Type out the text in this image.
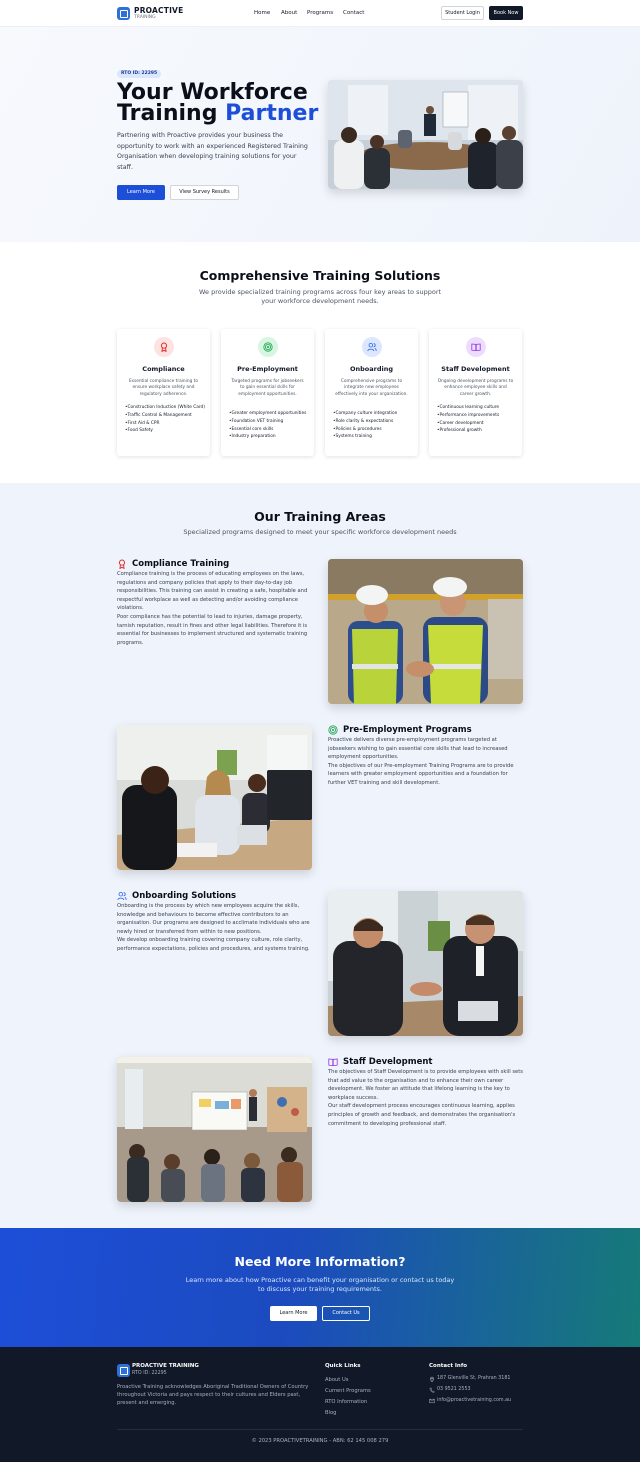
PROACTIVE
TRAINING
Home About Programs Contact	Student Login	Book Now
RTO ID: 22295
Your Workforce
Training Partner
Partnering with Proactive provides your business the opportunity to work with an experienced Registered Training Organisation when developing training solutions for your staff.
Learn More	View Survey Results
Comprehensive Training Solutions
We provide specialized training programs across four key areas to support
your workforce development needs.
Compliance
Essential compliance training to ensure workplace safety and regulatory adherence.
• Construction Induction (White Card)
• Traffic Control & Management
• First Aid & CPR
• Food Safety
Pre-Employment
Targeted programs for jobseekers to gain essential skills for employment opportunities.
• Greater employment opportunities
• Foundation VET training
• Essential core skills
• Industry preparation
Onboarding
Comprehensive programs to integrate new employees effectively into your organization.
• Company culture integration
• Role clarity & expectations
• Policies & procedures
• Systems training
Staff Development
Ongoing development programs to enhance employee skills and career growth.
• Continuous learning culture
• Performance improvements
• Career development
• Professional growth
Our Training Areas
Specialized programs designed to meet your specific workforce development needs
Compliance Training
Compliance training is the process of educating employees on the laws, regulations and company policies that apply to their day-to-day job responsibilities. This training can assist in creating a safe, hospitable and respectful workplace as well as detecting and/or avoiding compliance violations.
Poor compliance has the potential to lead to injuries, damage property, tarnish reputation, result in fines and other legal liabilities. Therefore it is essential for businesses to implement structured and systematic training programs.
Pre-Employment Programs
Proactive delivers diverse pre-employment programs targeted at jobseekers wishing to gain essential core skills that lead to increased employment opportunities.
The objectives of our Pre-employment Training Programs are to provide learners with greater employment opportunities and a foundation for further VET training and skill development.
Onboarding Solutions
Onboarding is the process by which new employees acquire the skills, knowledge and behaviours to become effective contributors to an organisation. Our programs are designed to acclimate individuals who are newly hired or transferred from within to new positions.
We develop onboarding training covering company culture, role clarity, performance expectations, policies and procedures, and systems training.
Staff Development
The objectives of Staff Development is to provide employees with skill sets that add value to the organisation and to enhance their own career development. We foster an attitude that lifelong learning is the key to workplace success.
Our staff development process encourages continuous learning, applies principles of growth and feedback, and demonstrates the organisation's commitment to developing professional staff.
Need More Information?
Learn more about how Proactive can benefit your organisation or contact us today
to discuss your training requirements.
Learn More	Contact Us
PROACTIVE TRAINING
RTO ID: 22295
Proactive Training acknowledges Aboriginal Traditional Owners of Country throughout Victoria and pays respect to their cultures and Elders past, present and emerging.
Quick Links
About Us
Current Programs
RTO Information
Blog
Contact Info
187 Glenville St, Prahran 3181
03 9521 2553
info@proactivetraining.com.au
© 2023 PROACTIVETRAINING - ABN: 62 145 008 279
